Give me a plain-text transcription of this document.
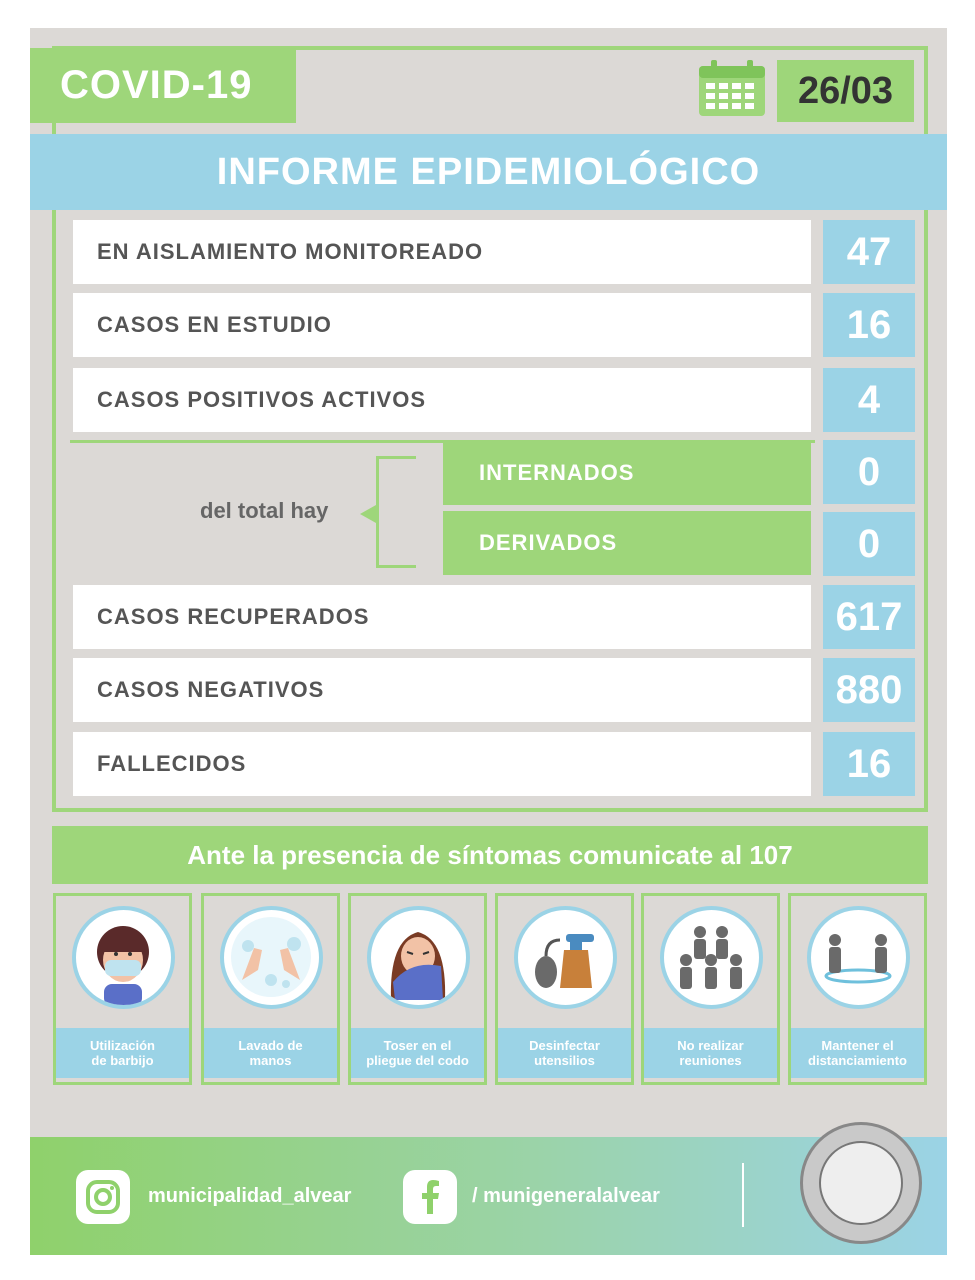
COVID-19	26/03
INFORME EPIDEMIOLÓGICO
EN AISLAMIENTO MONITOREADO	47
CASOS EN ESTUDIO	16
CASOS POSITIVOS ACTIVOS	4
del total hay
INTERNADOS	0
DERIVADOS	0
CASOS RECUPERADOS	617
CASOS NEGATIVOS	880
FALLECIDOS	16
Ante la presencia de síntomas comunicate al 107
Utilización
de barbijo
Lavado de
manos
Toser en el
pliegue del codo
Desinfectar
utensilios
No realizar
reuniones
Mantener el
distanciamiento
municipalidad_alvear	/ munigeneralalvear
